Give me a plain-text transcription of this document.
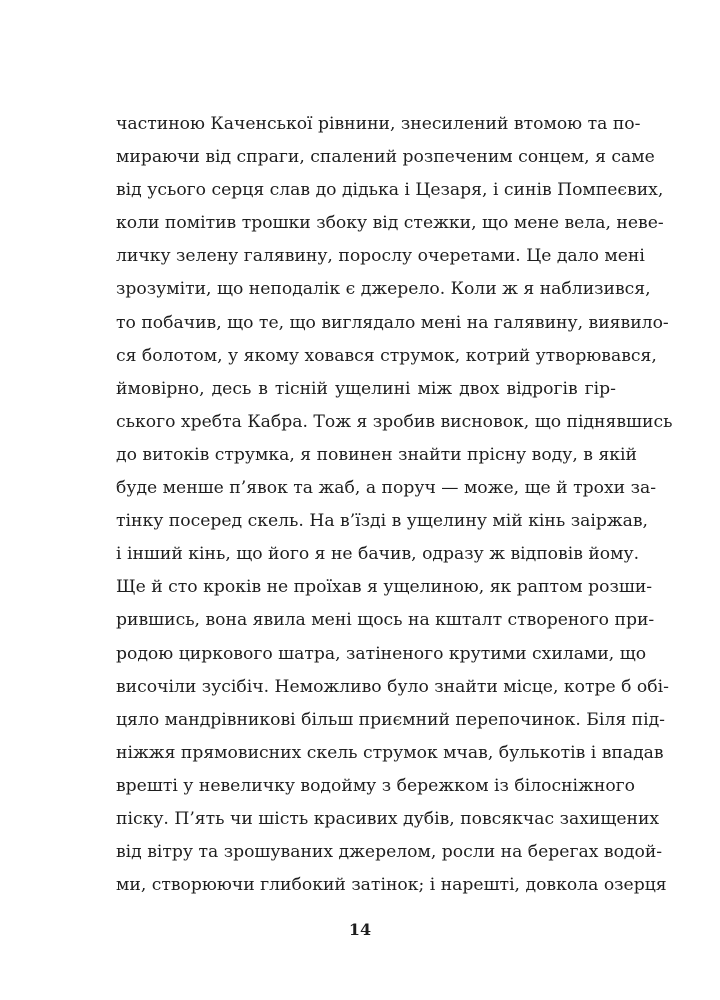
частиною Каченської рівнини, знесилений втомою та по-
мираючи від спраги, спалений розпеченим сонцем, я саме
від усього серця слав до дідька і Цезаря, і синів Помпеєвих,
коли помітив трошки збоку від стежки, що мене вела, неве-
личку зелену галявину, порослу очеретами. Це дало мені
зрозуміти, що неподалік є джерело. Коли ж я наблизився,
то побачив, що те, що виглядало мені на галявину, виявило-
ся болотом, у якому ховався струмок, котрий утворювався,
ймовірно, десь в тісній ущелині між двох відрогів гір-
ського хребта Кабра. Тож я зробив висновок, що піднявшись
до витоків струмка, я повинен знайти прісну воду, в якій
буде менше п’явок та жаб, а поруч — може, ще й трохи за-
тінку посеред скель. На в’їзді в ущелину мій кінь заіржав,
і інший кінь, що його я не бачив, одразу ж відповів йому.
Ще й сто кроків не проїхав я ущелиною, як раптом розши-
рившись, вона явила мені щось на кшталт створеного при-
родою циркового шатра, затіненого крутими схилами, що
височіли зусібіч. Неможливо було знайти місце, котре б обі-
цяло мандрівникові більш приємний перепочинок. Біля під-
ніжжя прямовисних скель струмок мчав, булькотів і впадав
врешті у невеличку водойму з бережком із білосніжного
піску. П’ять чи шість красивих дубів, повсякчас захищених
від вітру та зрошуваних джерелом, росли на берегах водой-
ми, створюючи глибокий затінок; і нарешті, довкола озерця
14
